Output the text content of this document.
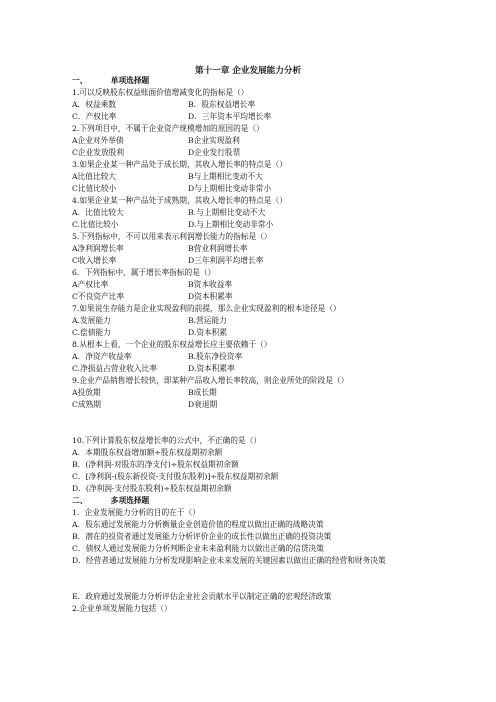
第十一章 企业发展能力分析
一、	单项选择题
1.可以反映股东权益账面价值增减变化的指标是（）
A．权益乘数	B．股东权益增长率
C．产权比率	D．三年资本平均增长率
2.下列项目中，不属于企业资产规模增加的原因的是（）
A企业对外举债	B企业实现盈利
C企业发放股利	D企业发行股票
3.如果企业某一种产品处于成长期，其收入增长率的特点是（）
A比值比较大	B与上期相比变动不大
C比值比较小	D与上期相比变动非常小
4.如果企业某一种产品处于成熟期，其收入增长率的特点是（）
A．比值比较大	B.与上期相比变动不大
C.比值比较小	D.与上期相比变动非常小
5.下列指标中，不可以用来表示利润增长能力的指标是（）
A净利润增长率	B营业利润增长率
C收入增长率	D三年利润平均增长率
6．下列指标中，属于增长率指标的是（）
A产权比率	B资本收益率
C不良资产比率	D资本积累率
7.如果说生存能力是企业实现盈利的前提，那么企业实现盈利的根本途径是（）
A.发展能力	B.营运能力
C.偿债能力	D.资本积累
8.从根本上看，一个企业的股东权益增长应主要依赖于（）
A．净资产收益率	B.股东净投资率
C.净损益占营业收入比率	D.资本积累率
9.企业产品销售增长较快，即某种产品收入增长率较高，则企业所处的阶段是（）
A投放期	B成长期
C成熟期	D衰退期
10.下列计算股东权益增长率的公式中，不正确的是（）
A．本期股东权益增加额÷股东权益期初余额
B．(净利润-对股东的净支付)÷股东权益期初余额
C．[净利润-(股东新投资-支付股东股利)]÷股东权益期初余额
D．(净利润-支付股东股利)÷股东权益期初余额
二、	多项选择题
1．企业发展能力分析的目的在于（）
A．股东通过发展能力分析衡量企业创造价值的程度以做出正确的战略决策
B．潜在的投资者通过发展能力分析评价企业的成长性以做出正确的投资决策
C．债权人通过发展能力分析判断企业未来盈利能力以做出正确的信贷决策
D．经营者通过发展能力分析发现影响企业未来发展的关键因素以做出正确的经营和财务决策
E．政府通过发展能力分析评估企业社会贡献水平以制定正确的宏观经济政策
2.企业单项发展能力包括（）
